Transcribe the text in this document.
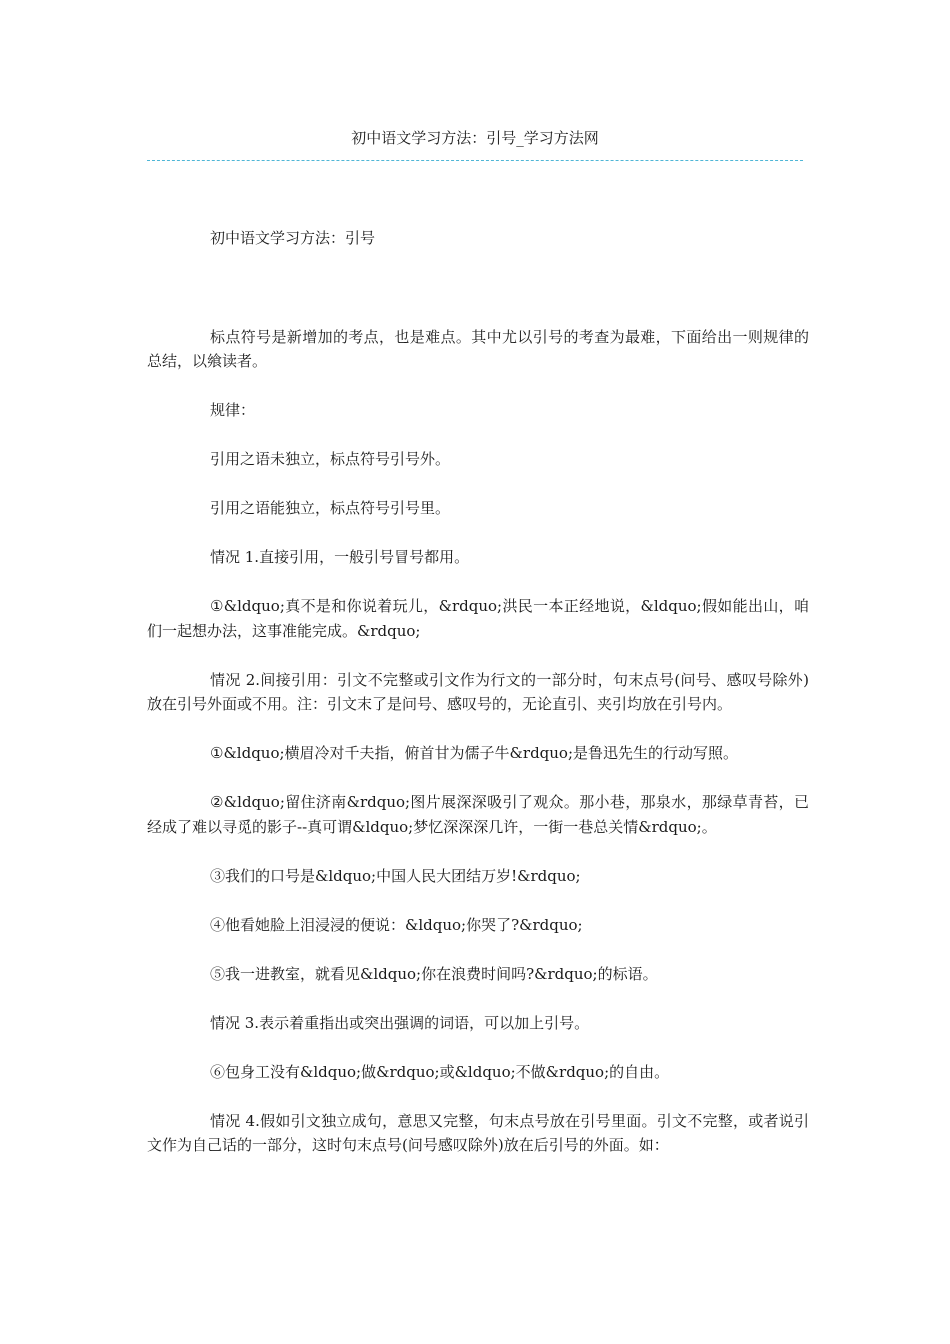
初中语文学习方法：引号_学习方法网

初中语文学习方法：引号

标点符号是新增加的考点，也是难点。其中尤以引号的考查为最难，下面给出一则规律的总结，以飨读者。

规律：

引用之语未独立，标点符号引号外。

引用之语能独立，标点符号引号里。

情况 1.直接引用，一般引号冒号都用。

①&ldquo;真不是和你说着玩儿，&rdquo;洪民一本正经地说，&ldquo;假如能出山，咱们一起想办法，这事准能完成。&rdquo;

情况 2.间接引用：引文不完整或引文作为行文的一部分时，句末点号(问号、感叹号除外)放在引号外面或不用。注：引文末了是问号、感叹号的，无论直引、夹引均放在引号内。

①&ldquo;横眉冷对千夫指，俯首甘为儒子牛&rdquo;是鲁迅先生的行动写照。

②&ldquo;留住济南&rdquo;图片展深深吸引了观众。那小巷，那泉水，那绿草青苔，已经成了难以寻觅的影子--真可谓&ldquo;梦忆深深深几许，一街一巷总关情&rdquo;。

③我们的口号是&ldquo;中国人民大团结万岁!&rdquo;

④他看她脸上泪浸浸的便说：&ldquo;你哭了?&rdquo;

⑤我一进教室，就看见&ldquo;你在浪费时间吗?&rdquo;的标语。

情况 3.表示着重指出或突出强调的词语，可以加上引号。

⑥包身工没有&ldquo;做&rdquo;或&ldquo;不做&rdquo;的自由。

情况 4.假如引文独立成句，意思又完整，句末点号放在引号里面。引文不完整，或者说引文作为自己话的一部分，这时句末点号(问号感叹除外)放在后引号的外面。如：
